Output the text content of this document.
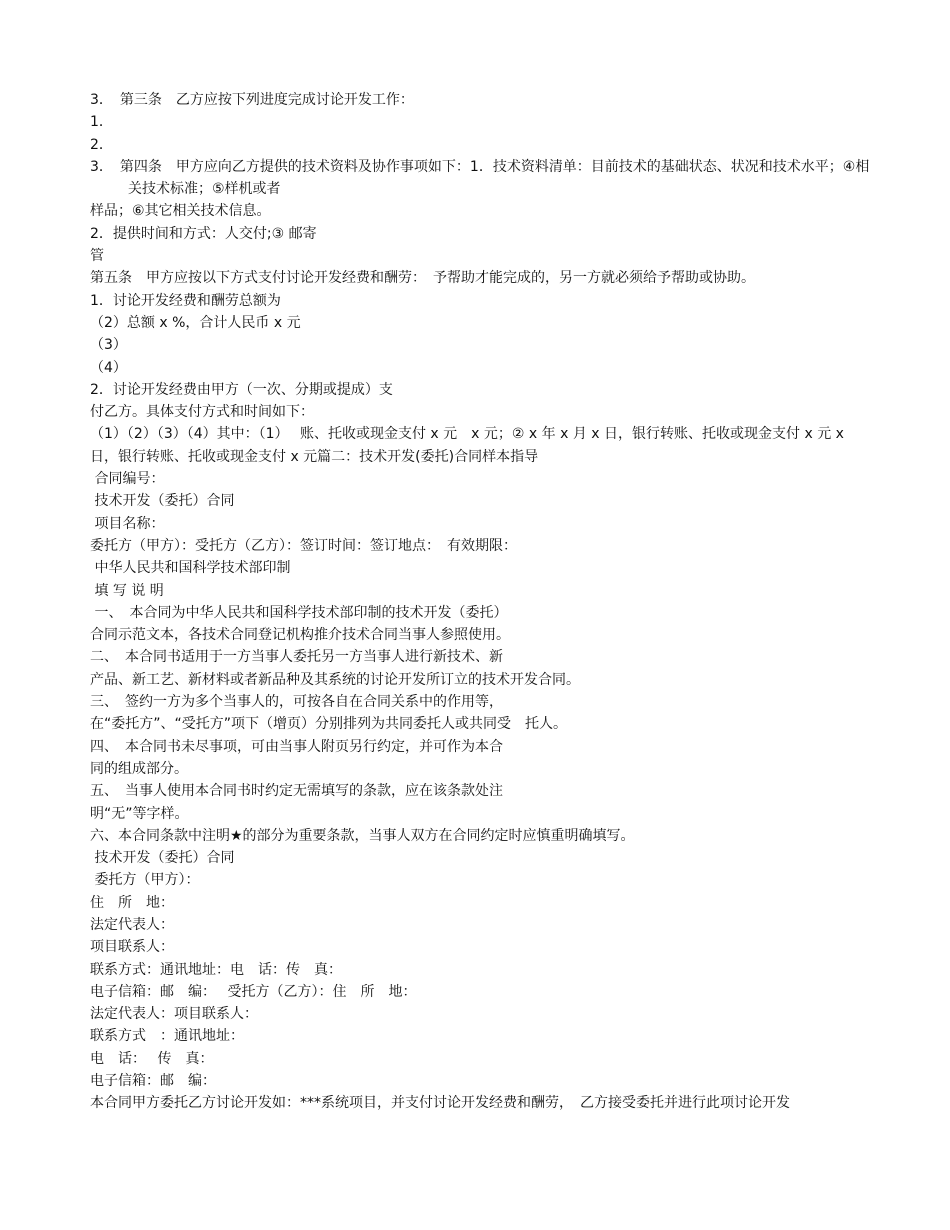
3．　第三条　乙方应按下列进度完成讨论开发工作：
1．
2．
3．　第四条　甲方应向乙方提供的技术资料及协作事项如下：1．技术资料清单：目前技术的基础状态、状况和技术水平；④相关技术标准；⑤样机或者
样品；⑥其它相关技术信息。
2．提供时间和方式：人交付;③ 邮寄
管
第五条　甲方应按以下方式支付讨论开发经费和酬劳：　予帮助才能完成的，另一方就必须给予帮助或协助。
1．讨论开发经费和酬劳总额为
（2）总额 x %，合计人民币 x 元
（3）
（4）
2．讨论开发经费由甲方（一次、分期或提成）支
付乙方。具体支付方式和时间如下：
（1）（2）（3）（4）其中：（1）　 账、托收或现金支付 x 元　x 元；② x 年 x 月 x 日，银行转账、托收或现金支付 x 元 x 日，银行转账、托收或现金支付 x 元篇二：技术开发(委托)合同样本指导
合同编号：
技术开发（委托）合同
项目名称：
委托方（甲方）：受托方（乙方）：签订时间：签订地点：　有效期限：
中华人民共和国科学技术部印制
填 写 说 明
一、　本合同为中华人民共和国科学技术部印制的技术开发（委托）
合同示范文本，各技术合同登记机构推介技术合同当事人参照使用。
二、　本合同书适用于一方当事人委托另一方当事人进行新技术、新
产品、新工艺、新材料或者新品种及其系统的讨论开发所订立的技术开发合同。
三、　签约一方为多个当事人的，可按各自在合同关系中的作用等，
在“委托方”、“受托方”项下（增页）分别排列为共同委托人或共同受　托人。
四、　本合同书未尽事项，可由当事人附页另行约定，并可作为本合
同的组成部分。
五、　当事人使用本合同书时约定无需填写的条款，应在该条款处注
明“无”等字样。
六、本合同条款中注明★的部分为重要条款，当事人双方在合同约定时应慎重明确填写。
技术开发（委托）合同
委托方（甲方）：
住　所　地：
法定代表人：
项目联系人：
联系方式：通讯地址：电　话：传　真：
电子信箱：邮　编：　 受托方（乙方）：住　所　地：
法定代表人：项目联系人：
联系方式　：通讯地址：
电　话：　 传　真：
电子信箱：邮　编：
本合同甲方委托乙方讨论开发如：***系统项目，并支付讨论开发经费和酬劳，　乙方接受委托并进行此项讨论开发
